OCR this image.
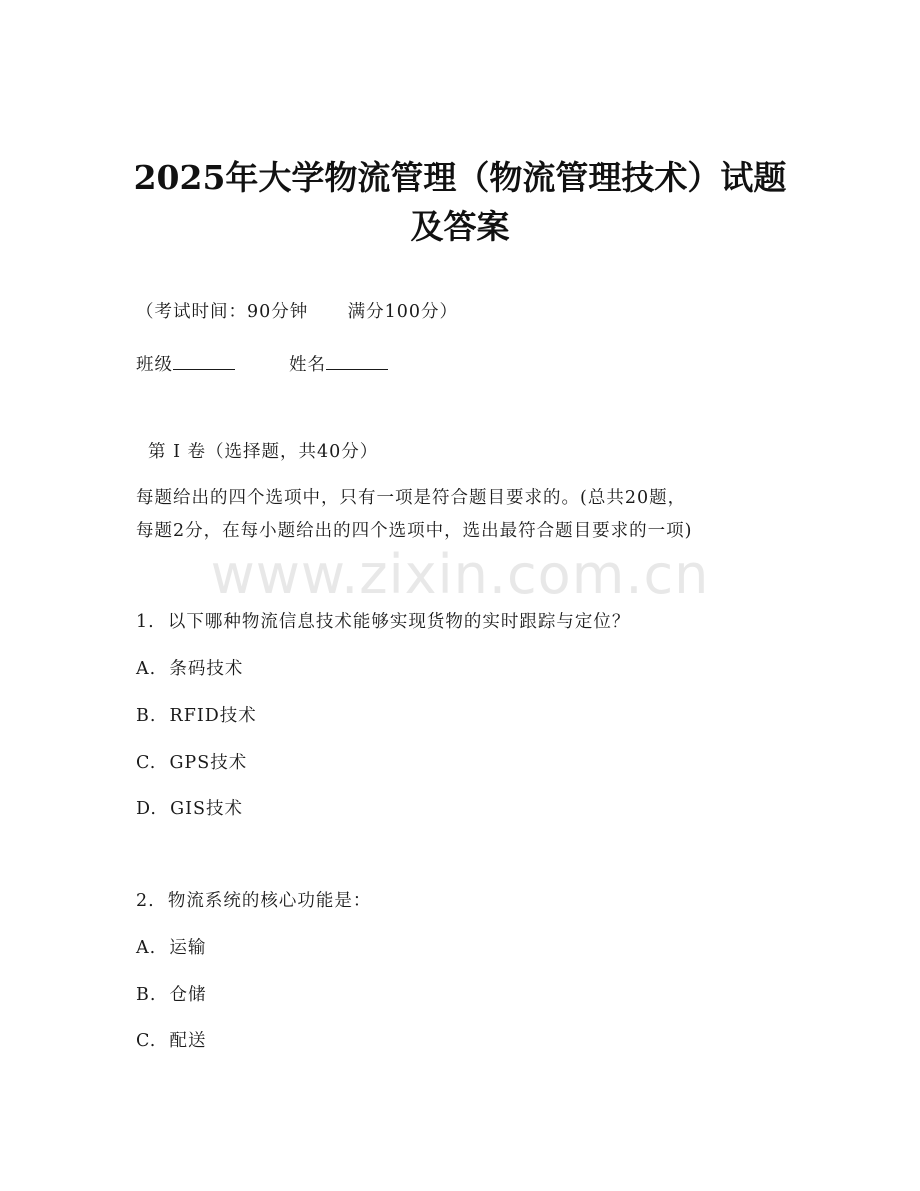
2025年大学物流管理（物流管理技术）试题
及答案
（考试时间：90分钟      满分100分）
班级	姓名
第 I 卷（选择题，共40分）
每题给出的四个选项中，只有一项是符合题目要求的。(总共20题，
每题2分，在每小题给出的四个选项中，选出最符合题目要求的一项)
www.zixin.com.cn
1.  以下哪种物流信息技术能够实现货物的实时跟踪与定位？
A.  条码技术
B.  RFID技术
C.  GPS技术
D.  GIS技术
2.  物流系统的核心功能是：
A.  运输
B.  仓储
C.  配送
